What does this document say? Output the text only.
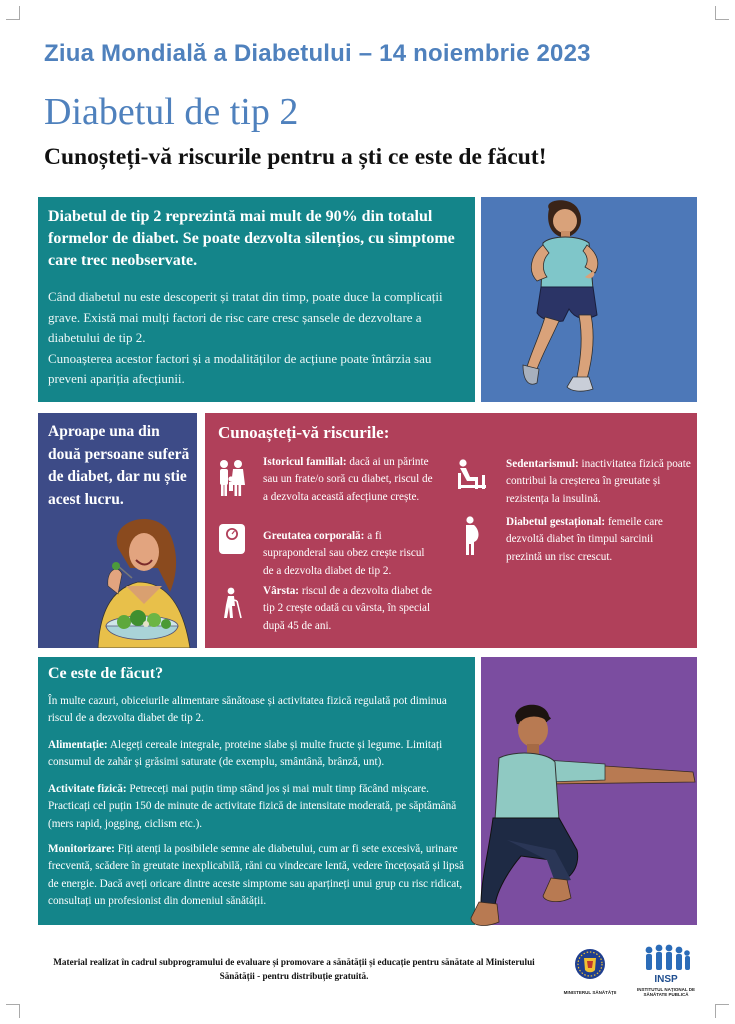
Ziua Mondială a Diabetului – 14 noiembrie 2023
Diabetul de tip 2
Cunoșteți-vă riscurile pentru a ști ce este de făcut!
Diabetul de tip 2 reprezintă mai mult de 90% din totalul formelor de diabet. Se poate dezvolta silențios, cu simptome care trec neobservate.
Când diabetul nu este descoperit și tratat din timp, poate duce la complicații grave. Există mai mulți factori de risc care cresc șansele de dezvoltare a diabetului de tip 2.
Cunoașterea acestor factori și a modalităților de acțiune poate întârzia sau preveni apariția afecțiunii.
Aproape una din două persoane suferă de diabet, dar nu știe acest lucru.
Cunoașteți-vă riscurile:
Istoricul familial: dacă ai un părinte sau un frate/o soră cu diabet, riscul de a dezvolta această afecțiune crește.
Greutatea corporală: a fi supraponderal sau obez crește riscul de a dezvolta diabet de tip 2.
Vârsta: riscul de a dezvolta diabet de tip 2 crește odată cu vârsta, în special după 45 de ani.
Sedentarismul: inactivitatea fizică poate contribui la creșterea în greutate și rezistența la insulină.
Diabetul gestațional: femeile care dezvoltă diabet în timpul sarcinii prezintă un risc crescut.
Ce este de făcut?
În multe cazuri, obiceiurile alimentare sănătoase și activitatea fizică regulată pot diminua riscul de a dezvolta diabet de tip 2.
Alimentație: Alegeți cereale integrale, proteine slabe și multe fructe și legume. Limitați consumul de zahăr și grăsimi saturate (de exemplu, smântână, brânză, unt).
Activitate fizică: Petreceți mai puțin timp stând jos și mai mult timp făcând mișcare. Practicați cel puțin 150 de minute de activitate fizică de intensitate moderată, pe săptămână (mers rapid, jogging, ciclism etc.).
Monitorizare: Fiți atenți la posibilele semne ale diabetului, cum ar fi sete excesivă, urinare frecventă, scădere în greutate inexplicabilă, răni cu vindecare lentă, vedere încețoșată și lipsă de energie. Dacă aveți oricare dintre aceste simptome sau aparțineți unui grup cu risc ridicat, consultați un profesionist din domeniul sănătății.
Material realizat în cadrul subprogramului de evaluare și promovare a sănătății și educație pentru sănătate al Ministerului Sănătății - pentru distribuție gratuită.
MINISTERUL SĂNĂTĂȚII
INSP
INSTITUTUL NAȚIONAL DE SĂNĂTATE PUBLICĂ
